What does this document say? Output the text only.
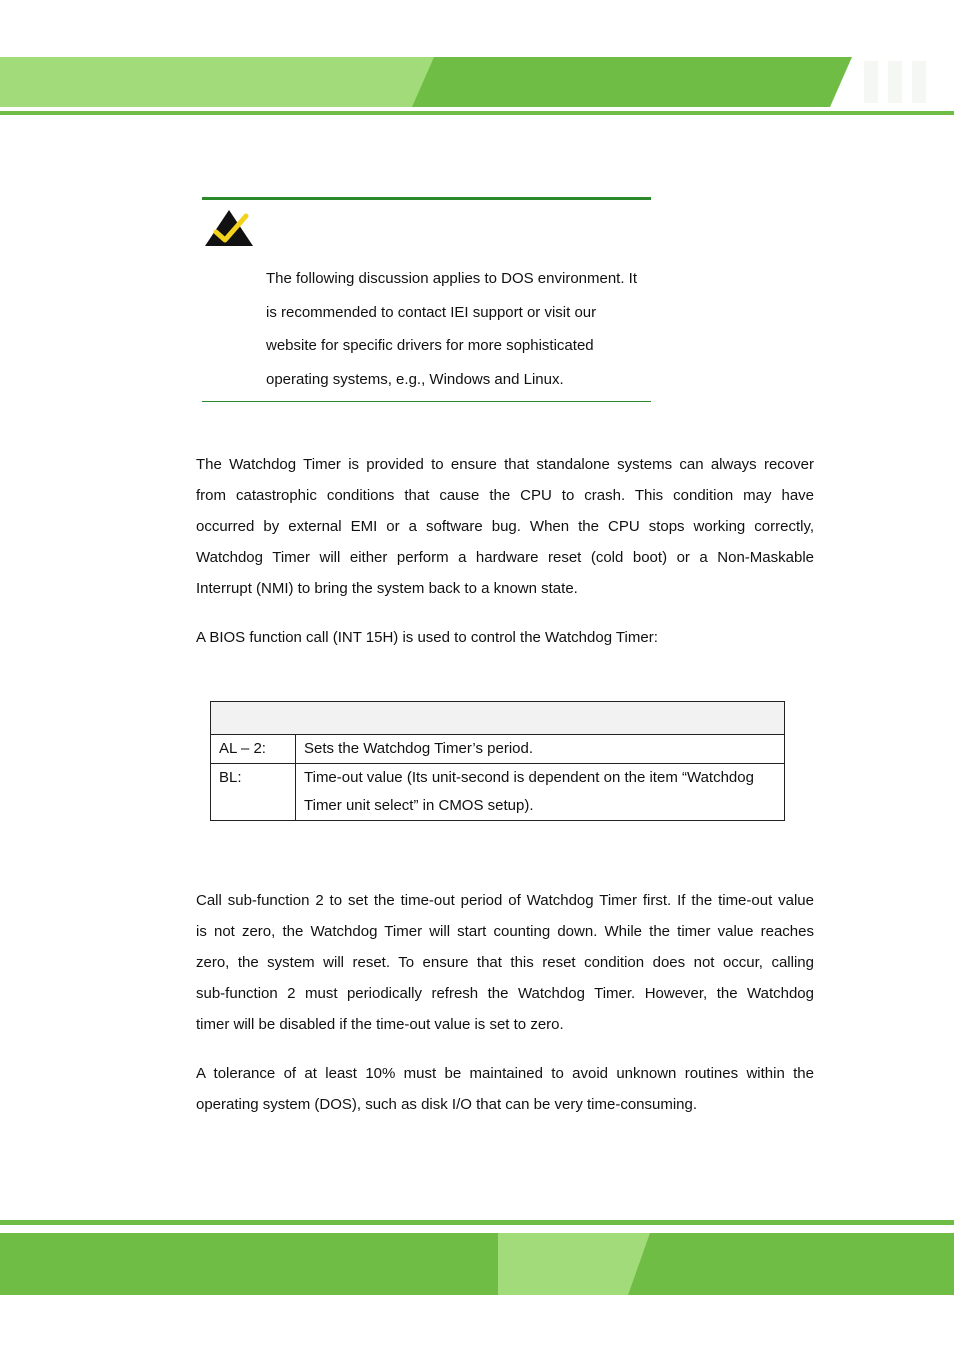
The following discussion applies to DOS environment. It
is recommended to contact IEI support or visit our
website for specific drivers for more sophisticated
operating systems, e.g., Windows and Linux.
The Watchdog Timer is provided to ensure that standalone systems can always recover
from catastrophic conditions that cause the CPU to crash. This condition may have
occurred by external EMI or a software bug. When the CPU stops working correctly,
Watchdog Timer will either perform a hardware reset (cold boot) or a Non-Maskable
Interrupt (NMI) to bring the system back to a known state.
A BIOS function call (INT 15H) is used to control the Watchdog Timer:

AL – 2:	Sets the Watchdog Timer’s period.
BL:	Time-out value (Its unit-second is dependent on the item “Watchdog
Timer unit select” in CMOS setup).
Call sub-function 2 to set the time-out period of Watchdog Timer first. If the time-out value
is not zero, the Watchdog Timer will start counting down. While the timer value reaches
zero, the system will reset. To ensure that this reset condition does not occur, calling
sub-function 2 must periodically refresh the Watchdog Timer. However, the Watchdog
timer will be disabled if the time-out value is set to zero.
A tolerance of at least 10% must be maintained to avoid unknown routines within the
operating system (DOS), such as disk I/O that can be very time-consuming.
